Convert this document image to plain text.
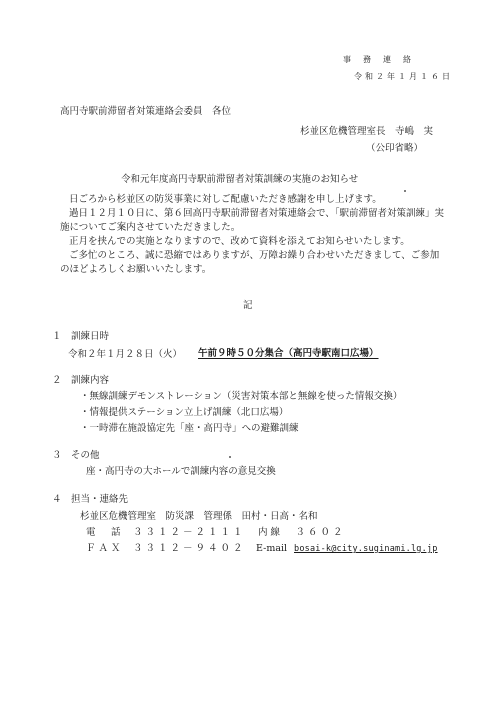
事務連絡
令和２年１月１６日
高円寺駅前滞留者対策連絡会委員　各位
杉並区危機管理室長　寺嶋　実
（公印省略）
令和元年度高円寺駅前滞留者対策訓練の実施のお知らせ

日ごろから杉並区の防災事業に対しご配慮いただき感謝を申し上げます。

過日１２月１０日に、第６回高円寺駅前滞留者対策連絡会で、「駅前滞留者対策訓練」実施についてご案内させていただきました。

正月を挟んでの実施となりますので、改めて資料を添えてお知らせいたします。

ご多忙のところ、誠に恐縮ではありますが、万障お繰り合わせいただきまして、ご参加のほどよろしくお願いいたします。

記
１　訓練日時
令和２年１月２８日（火） 午前９時５０分集合（高円寺駅南口広場）
２　訓練内容
・無線訓練デモンストレーション（災害対策本部と無線を使った情報交換）
・情報提供ステーション立上げ訓練（北口広場）
・一時滞在施設協定先「座・高円寺」への避難訓練
３　その他
座・高円寺の大ホールで訓練内容の意見交換
４　担当・連絡先
杉並区危機管理室　防災課　管理係　田村・日高・名和
電　話 ３３１２－２１１１　内線　３６０２
ＦＡＸ ３３１２－９４０２ E-mail bosai-k@city.suginami.lg.jp
